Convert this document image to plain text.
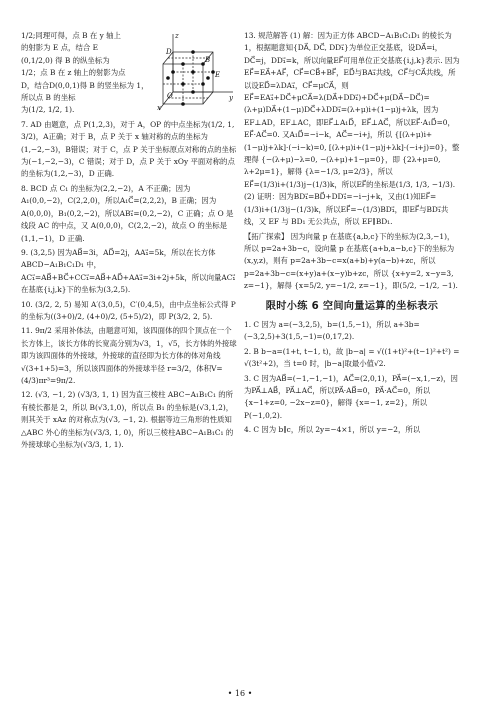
z
x
y
E
D
O
B

1/2;同理可得，点 B 在 y 轴上

的射影为 E 点，结合 E

(0,1/2,0) 得 B 的纵坐标为

1/2；点 B 在 z 轴上的射影为点

D，结合D(0,0,1)得 B 的竖坐标为 1，所以点 B 的坐标

为(1/2, 1/2, 1).

7. AD 由题意，点 P(1,2,3)，对于 A，OP 的中点坐标为(1/2, 1, 3/2)，A正确；对于 B，点 P 关于 x 轴对称的点的坐标为(1,−2,−3)，B错误；对于 C，点 P 关于坐标原点对称的点的坐标为(−1,−2,−3)，C 错误；对于 D，点 P 关于 xOy 平面对称的点的坐标为(1,2,−3)，D 正确.

8. BCD 点 C₁ 的坐标为(2,2,−2)，A 不正确；因为 A₁(0,0,−2)，C(2,2,0)，所以A₁C⃗=(2,2,2)，B 正确；因为 A(0,0,0)，B₁(0,2,−2)，所以AB₁⃗=(0,2,−2)，C 正确；点 O 是线段 AC 的中点，又 A(0,0,0)，C(2,2,−2)，故点 O 的坐标是(1,1,−1)，D 正确.

9. (3,2,5) 因为AB⃗=3i，AD⃗=2j，AA₁⃗=5k，所以在长方体 ABCD−A₁B₁C₁D₁ 中，AC₁⃗=AB⃗+BC⃗+CC₁⃗=AB⃗+AD⃗+AA₁⃗=3i+2j+5k，所以向量AC₁⃗在基底{i,j,k}下的坐标为(3,2,5).

10. (3/2, 2, 5) 易知 A′(3,0,5)，C′(0,4,5)，由中点坐标公式得 P 的坐标为((3+0)/2, (4+0)/2, (5+5)/2)，即 P(3/2, 2, 5).

11. 9π/2 采用补体法，由题意可知，该四面体的四个顶点在一个长方体上，该长方体的长宽高分别为√3，1，√5，长方体的外接球即为该四面体的外接球，外接球的直径即为长方体的体对角线√(3+1+5)=3，所以该四面体的外接球半径 r=3/2，体积V=(4/3)πr³=9π/2.

12. (√3, −1, 2) (√3/3, 1, 1) 因为直三棱柱 ABC−A₁B₁C₁ 的所有棱长都是 2，所以 B(√3,1,0)，所以点 B₁ 的坐标是(√3,1,2)，则其关于 xAz 的对称点为(√3, −1, 2). 根据等边三角形的性质知△ABC 外心的坐标为(√3/3, 1, 0)，所以三棱柱ABC−A₁B₁C₁ 的外接球球心坐标为(√3/3, 1, 1).

13. 规范解答 (1) 解：因为正方体 ABCD−A₁B₁C₁D₁ 的棱长为 1，根据题意知{DA⃗, DC⃗, DD₁⃗}为单位正交基底，设DA⃗=i，DC⃗=j，DD₁⃗=k，所以向量EF⃗可用单位正交基底{i,j,k}表示. 因为 EF⃗=EA⃗+AF⃗，CF⃗=CB⃗+BF⃗，ED⃗与BA₁⃗共线，CF⃗与CA⃗共线，所以设ED⃗=λDA₁⃗，CF⃗=μCA⃗，则EF⃗=EA₁⃗+DC⃗+μCA⃗=λ(DA⃗+DD₁⃗)+DC⃗+μ(DA⃗−DC⃗)=(λ+μ)DA⃗+(1−μ)DC⃗+λDD₁⃗=(λ+μ)i+(1−μ)j+λk，因为 EF⊥AD，EF⊥AC，即EF⃗⊥A₁D⃗，EF⃗⊥AC⃗，所以EF⃗·A₁D⃗=0，EF⃗·AC⃗=0. 又A₁D⃗=−i−k，AC⃗=−i+j，所以 {[(λ+μ)i+(1−μ)j+λk]·(−i−k)=0, [(λ+μ)i+(1−μ)j+λk]·(−i+j)=0}，整理得 {−(λ+μ)−λ=0, −(λ+μ)+1−μ=0}，即 {2λ+μ=0, λ+2μ=1}，解得 {λ=−1/3, μ=2/3}，所以

EF⃗=(1/3)i+(1/3)j−(1/3)k，所以EF⃗的坐标是(1/3, 1/3, −1/3).

(2) 证明：因为BD₁⃗=BD⃗+DD₁⃗=−i−j+k，又由(1)知EF⃗=(1/3)i+(1/3)j−(1/3)k，所以EF⃗=−(1/3)BD₁⃗，即EF⃗与BD₁⃗共线，又 EF 与 BD₁ 无公共点，所以 EF∥BD₁.

【拓广探索】 因为向量 p 在基底{a,b,c}下的坐标为(2,3,−1)，所以 p=2a+3b−c，设向量 p 在基底{a+b,a−b,c}下的坐标为(x,y,z)，则有 p=2a+3b−c=x(a+b)+y(a−b)+zc，所以 p=2a+3b−c=(x+y)a+(x−y)b+zc，所以 {x+y=2, x−y=3, z=−1}，解得 {x=5/2, y=−1/2, z=−1}，即(5/2, −1/2, −1).

限时小练 6 空间向量运算的坐标表示

1. C 因为 a=(−3,2,5)，b=(1,5,−1)，所以 a+3b=(−3,2,5)+3(1,5,−1)=(0,17,2).

2. B b−a=(1+t, t−1, t)，故 |b−a| = √((1+t)²+(t−1)²+t²) = √(3t²+2)，当 t=0 时，|b−a|取最小值√2.

3. C 因为AB⃗=(−1,−1,−1)，AC⃗=(2,0,1)，PA⃗=(−x,1,−z)，因为PA⃗⊥AB⃗，PA⃗⊥AC⃗，所以PA⃗·AB⃗=0，PA⃗·AC⃗=0，所以 {x−1+z=0, −2x−z=0}，解得 {x=−1, z=2}，所以 P(−1,0,2).

4. C 因为 b∥c，所以 2y=−4×1，所以 y=−2，所以

• 16 •
